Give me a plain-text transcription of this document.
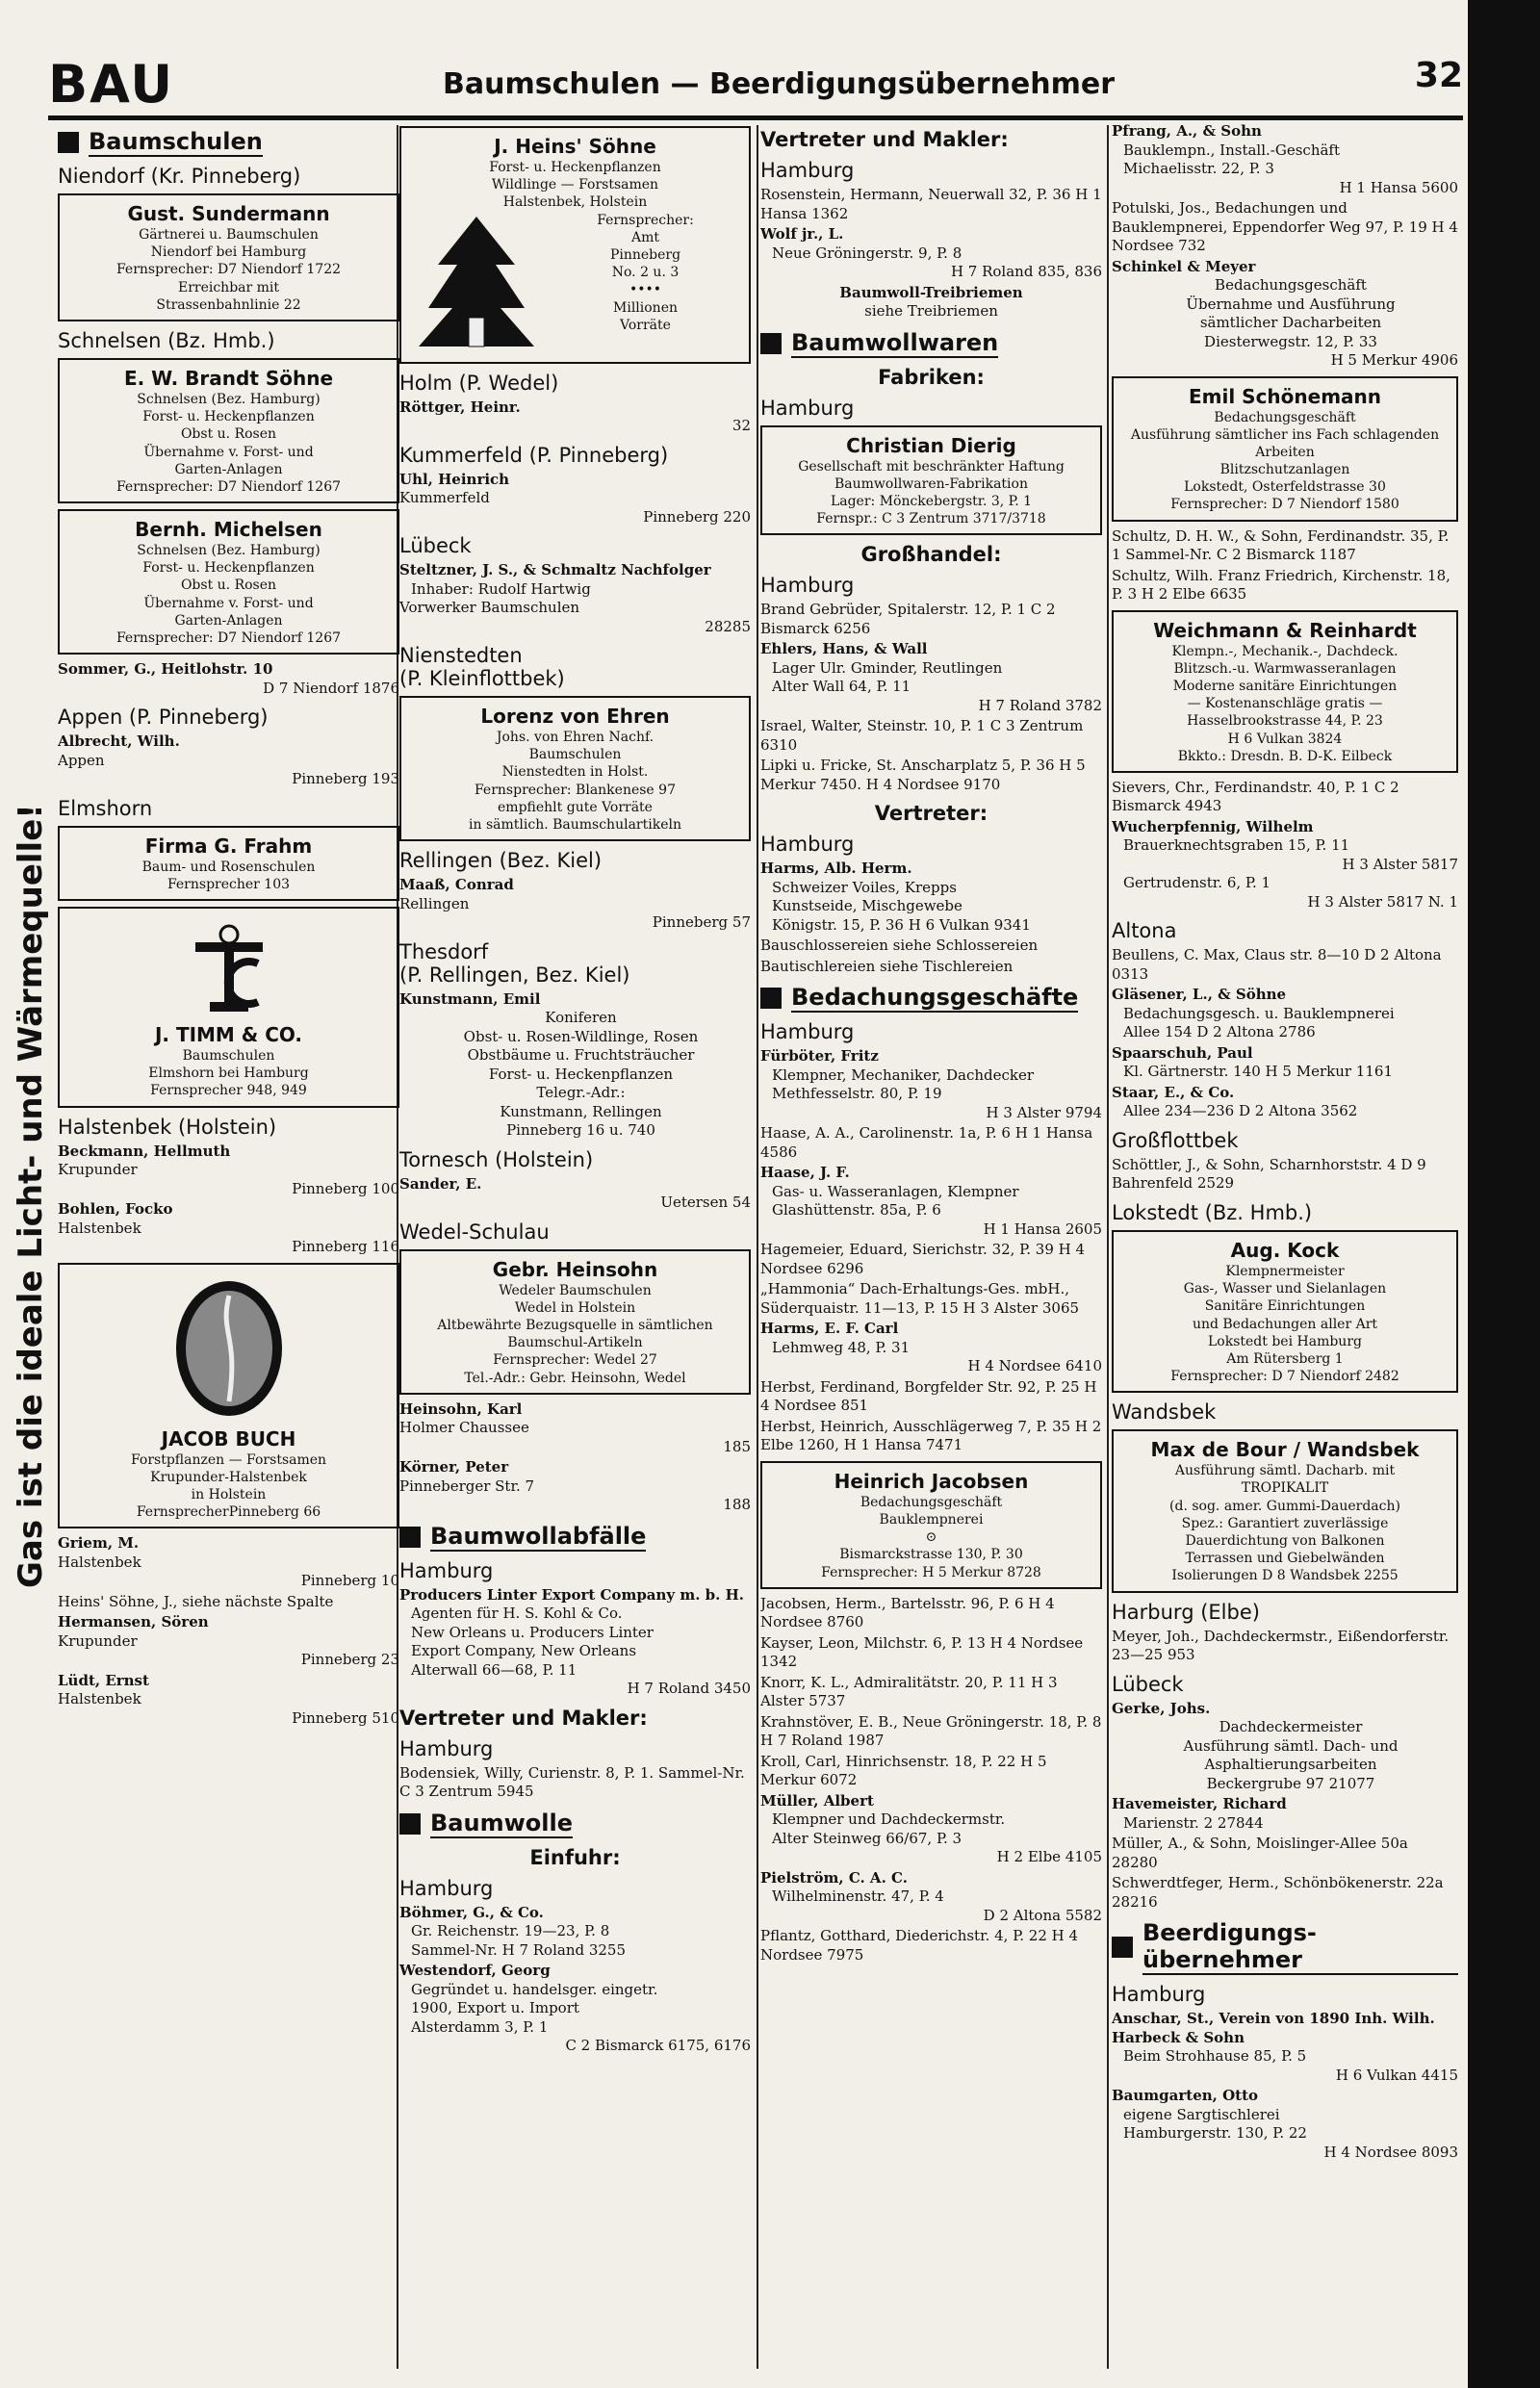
BAU	Baumschulen — Beerdigungsübernehmer	32
Gas ist die ideale Licht- und Wärmequelle!
Baumschulen
Niendorf (Kr. Pinneberg)
Gust. Sundermann
Gärtnerei u. Baumschulen
Niendorf bei Hamburg
Fernsprecher: D7 Niendorf 1722
Erreichbar mit
Strassenbahnlinie 22
Schnelsen (Bz. Hmb.)
E. W. Brandt Söhne
Schnelsen (Bez. Hamburg)
Forst- u. Heckenpflanzen
Obst u. Rosen
Übernahme v. Forst- und
Garten-Anlagen
Fernsprecher: D7 Niendorf 1267
Bernh. Michelsen
Schnelsen (Bez. Hamburg)
Forst- u. Heckenpflanzen
Obst u. Rosen
Übernahme v. Forst- und
Garten-Anlagen
Fernsprecher: D7 Niendorf 1267
Sommer, G., Heitlohstr. 10
D 7 Niendorf 1876
Appen (P. Pinneberg)
Albrecht, Wilh.
Appen
Pinneberg 193
Elmshorn
Firma G. Frahm
Baum- und Rosenschulen
Fernsprecher 103
J. TIMM & CO.
Baumschulen
Elmshorn bei Hamburg
Fernsprecher 948, 949
Halstenbek (Holstein)
Beckmann, Hellmuth
Krupunder
Pinneberg 100
Bohlen, Focko
Halstenbek
Pinneberg 116
JACOB BUCH
Forstpflanzen — Forstsamen
Krupunder-Halstenbek
in Holstein
FernsprecherPinneberg 66
Griem, M.
Halstenbek
Pinneberg 10
Heins' Söhne, J., siehe nächste Spalte
Hermansen, Sören
Krupunder
Pinneberg 23
Lüdt, Ernst
Halstenbek
Pinneberg 510
J. Heins' Söhne
Forst- u. Heckenpflanzen
Wildlinge — Forstsamen
Halstenbek, Holstein
Fernsprecher:
Amt
Pinneberg
No. 2 u. 3
••••
Millionen
Vorräte
Holm (P. Wedel)
Röttger, Heinr.
32
Kummerfeld (P. Pinneberg)
Uhl, Heinrich
Kummerfeld
Pinneberg 220
Lübeck
Steltzner, J. S., & Schmaltz Nachfolger
Inhaber: Rudolf Hartwig
Vorwerker Baumschulen
28285
Nienstedten
(P. Kleinflottbek)
Lorenz von Ehren
Johs. von Ehren Nachf.
Baumschulen
Nienstedten in Holst.
Fernsprecher: Blankenese 97
empfiehlt gute Vorräte
in sämtlich. Baumschulartikeln
Rellingen (Bez. Kiel)
Maaß, Conrad
Rellingen
Pinneberg 57
Thesdorf
(P. Rellingen, Bez. Kiel)
Kunstmann, Emil
Koniferen
Obst- u. Rosen-Wildlinge, Rosen
Obstbäume u. Fruchtsträucher
Forst- u. Heckenpflanzen
Telegr.-Adr.:
Kunstmann, Rellingen
Pinneberg 16 u. 740
Tornesch (Holstein)
Sander, E.
Uetersen 54
Wedel-Schulau
Gebr. Heinsohn
Wedeler Baumschulen
Wedel in Holstein
Altbewährte Bezugsquelle in sämtlichen Baumschul-Artikeln
Fernsprecher: Wedel 27
Tel.-Adr.: Gebr. Heinsohn, Wedel
Heinsohn, Karl
Holmer Chaussee
185
Körner, Peter
Pinneberger Str. 7
188
Baumwollabfälle
Hamburg
Producers Linter Export Company m. b. H.
Agenten für H. S. Kohl & Co.
New Orleans u. Producers Linter
Export Company, New Orleans
Alterwall 66—68, P. 11
H 7 Roland 3450
Vertreter und Makler:
Hamburg
Bodensiek, Willy, Curienstr. 8, P. 1. Sammel-Nr. C 3 Zentrum 5945
Baumwolle
Einfuhr:
Hamburg
Böhmer, G., & Co.
Gr. Reichenstr. 19—23, P. 8
Sammel-Nr. H 7 Roland 3255
Westendorf, Georg
Gegründet u. handelsger. eingetr.
1900, Export u. Import
Alsterdamm 3, P. 1
C 2 Bismarck 6175, 6176
Vertreter und Makler:
Hamburg
Rosenstein, Hermann, Neuerwall 32, P. 36 H 1 Hansa 1362
Wolf jr., L.
Neue Gröningerstr. 9, P. 8
H 7 Roland 835, 836
Baumwoll-Treibriemen
siehe Treibriemen
Baumwollwaren
Fabriken:
Hamburg
Christian Dierig
Gesellschaft mit beschränkter Haftung
Baumwollwaren-Fabrikation
Lager: Mönckebergstr. 3, P. 1
Fernspr.: C 3 Zentrum 3717/3718
Großhandel:
Hamburg
Brand Gebrüder, Spitalerstr. 12, P. 1 C 2 Bismarck 6256
Ehlers, Hans, & Wall
Lager Ulr. Gminder, Reutlingen
Alter Wall 64, P. 11
H 7 Roland 3782
Israel, Walter, Steinstr. 10, P. 1 C 3 Zentrum 6310
Lipki u. Fricke, St. Anscharplatz 5, P. 36 H 5 Merkur 7450. H 4 Nordsee 9170
Vertreter:
Hamburg
Harms, Alb. Herm.
Schweizer Voiles, Krepps
Kunstseide, Mischgewebe
Königstr. 15, P. 36 H 6 Vulkan 9341
Bauschlossereien siehe Schlossereien
Bautischlereien siehe Tischlereien
Bedachungsgeschäfte
Hamburg
Fürböter, Fritz
Klempner, Mechaniker, Dachdecker
Methfesselstr. 80, P. 19
H 3 Alster 9794
Haase, A. A., Carolinenstr. 1a, P. 6 H 1 Hansa 4586
Haase, J. F.
Gas- u. Wasseranlagen, Klempner
Glashüttenstr. 85a, P. 6
H 1 Hansa 2605
Hagemeier, Eduard, Sierichstr. 32, P. 39 H 4 Nordsee 6296
„Hammonia“ Dach-Erhaltungs-Ges. mbH., Süderquaistr. 11—13, P. 15 H 3 Alster 3065
Harms, E. F. Carl
Lehmweg 48, P. 31
H 4 Nordsee 6410
Herbst, Ferdinand, Borgfelder Str. 92, P. 25 H 4 Nordsee 851
Herbst, Heinrich, Ausschlägerweg 7, P. 35 H 2 Elbe 1260, H 1 Hansa 7471
Heinrich Jacobsen
Bedachungsgeschäft
Bauklempnerei
⊙
Bismarckstrasse 130, P. 30
Fernsprecher: H 5 Merkur 8728
Jacobsen, Herm., Bartelsstr. 96, P. 6 H 4 Nordsee 8760
Kayser, Leon, Milchstr. 6, P. 13 H 4 Nordsee 1342
Knorr, K. L., Admiralitätstr. 20, P. 11 H 3 Alster 5737
Krahnstöver, E. B., Neue Gröningerstr. 18, P. 8 H 7 Roland 1987
Kroll, Carl, Hinrichsenstr. 18, P. 22 H 5 Merkur 6072
Müller, Albert
Klempner und Dachdeckermstr.
Alter Steinweg 66/67, P. 3
H 2 Elbe 4105
Pielström, C. A. C.
Wilhelminenstr. 47, P. 4
D 2 Altona 5582
Pflantz, Gotthard, Diederichstr. 4, P. 22 H 4 Nordsee 7975
Pfrang, A., & Sohn
Bauklempn., Install.-Geschäft
Michaelisstr. 22, P. 3
H 1 Hansa 5600
Potulski, Jos., Bedachungen und Bauklempnerei, Eppendorfer Weg 97, P. 19 H 4 Nordsee 732
Schinkel & Meyer
Bedachungsgeschäft
Übernahme und Ausführung
sämtlicher Dacharbeiten
Diesterwegstr. 12, P. 33
H 5 Merkur 4906
Emil Schönemann
Bedachungsgeschäft
Ausführung sämtlicher ins Fach schlagenden Arbeiten
Blitzschutzanlagen
Lokstedt, Osterfeldstrasse 30
Fernsprecher: D 7 Niendorf 1580
Schultz, D. H. W., & Sohn, Ferdinandstr. 35, P. 1 Sammel-Nr. C 2 Bismarck 1187
Schultz, Wilh. Franz Friedrich, Kirchenstr. 18, P. 3 H 2 Elbe 6635
Weichmann & Reinhardt
Klempn.-, Mechanik.-, Dachdeck.
Blitzsch.-u. Warmwasseranlagen
Moderne sanitäre Einrichtungen
— Kostenanschläge gratis —
Hasselbrookstrasse 44, P. 23
H 6 Vulkan 3824
Bkkto.: Dresdn. B. D-K. Eilbeck
Sievers, Chr., Ferdinandstr. 40, P. 1 C 2 Bismarck 4943
Wucherpfennig, Wilhelm
Brauerknechtsgraben 15, P. 11
H 3 Alster 5817
Gertrudenstr. 6, P. 1
H 3 Alster 5817 N. 1
Altona
Beullens, C. Max, Claus str. 8—10 D 2 Altona 0313
Gläsener, L., & Söhne
Bedachungsgesch. u. Bauklempnerei
Allee 154 D 2 Altona 2786
Spaarschuh, Paul
Kl. Gärtnerstr. 140 H 5 Merkur 1161
Staar, E., & Co.
Allee 234—236 D 2 Altona 3562
Großflottbek
Schöttler, J., & Sohn, Scharnhorststr. 4 D 9 Bahrenfeld 2529
Lokstedt (Bz. Hmb.)
Aug. Kock
Klempnermeister
Gas-, Wasser und Sielanlagen
Sanitäre Einrichtungen
und Bedachungen aller Art
Lokstedt bei Hamburg
Am Rütersberg 1
Fernsprecher: D 7 Niendorf 2482
Wandsbek
Max de Bour / Wandsbek
Ausführung sämtl. Dacharb. mit
TROPIKALIT
(d. sog. amer. Gummi-Dauerdach)
Spez.: Garantiert zuverlässige
Dauerdichtung von Balkonen
Terrassen und Giebelwänden
Isolierungen D 8 Wandsbek 2255
Harburg (Elbe)
Meyer, Joh., Dachdeckermstr., Eißendorferstr. 23—25 953
Lübeck
Gerke, Johs.
Dachdeckermeister
Ausführung sämtl. Dach- und Asphaltierungsarbeiten
Beckergrube 97 21077
Havemeister, Richard
Marienstr. 2 27844
Müller, A., & Sohn, Moislinger-Allee 50a 28280
Schwerdtfeger, Herm., Schönbökenerstr. 22a 28216
Beerdigungs-übernehmer
Hamburg
Anschar, St., Verein von 1890 Inh. Wilh. Harbeck & Sohn
Beim Strohhause 85, P. 5
H 6 Vulkan 4415
Baumgarten, Otto
eigene Sargtischlerei
Hamburgerstr. 130, P. 22
H 4 Nordsee 8093
